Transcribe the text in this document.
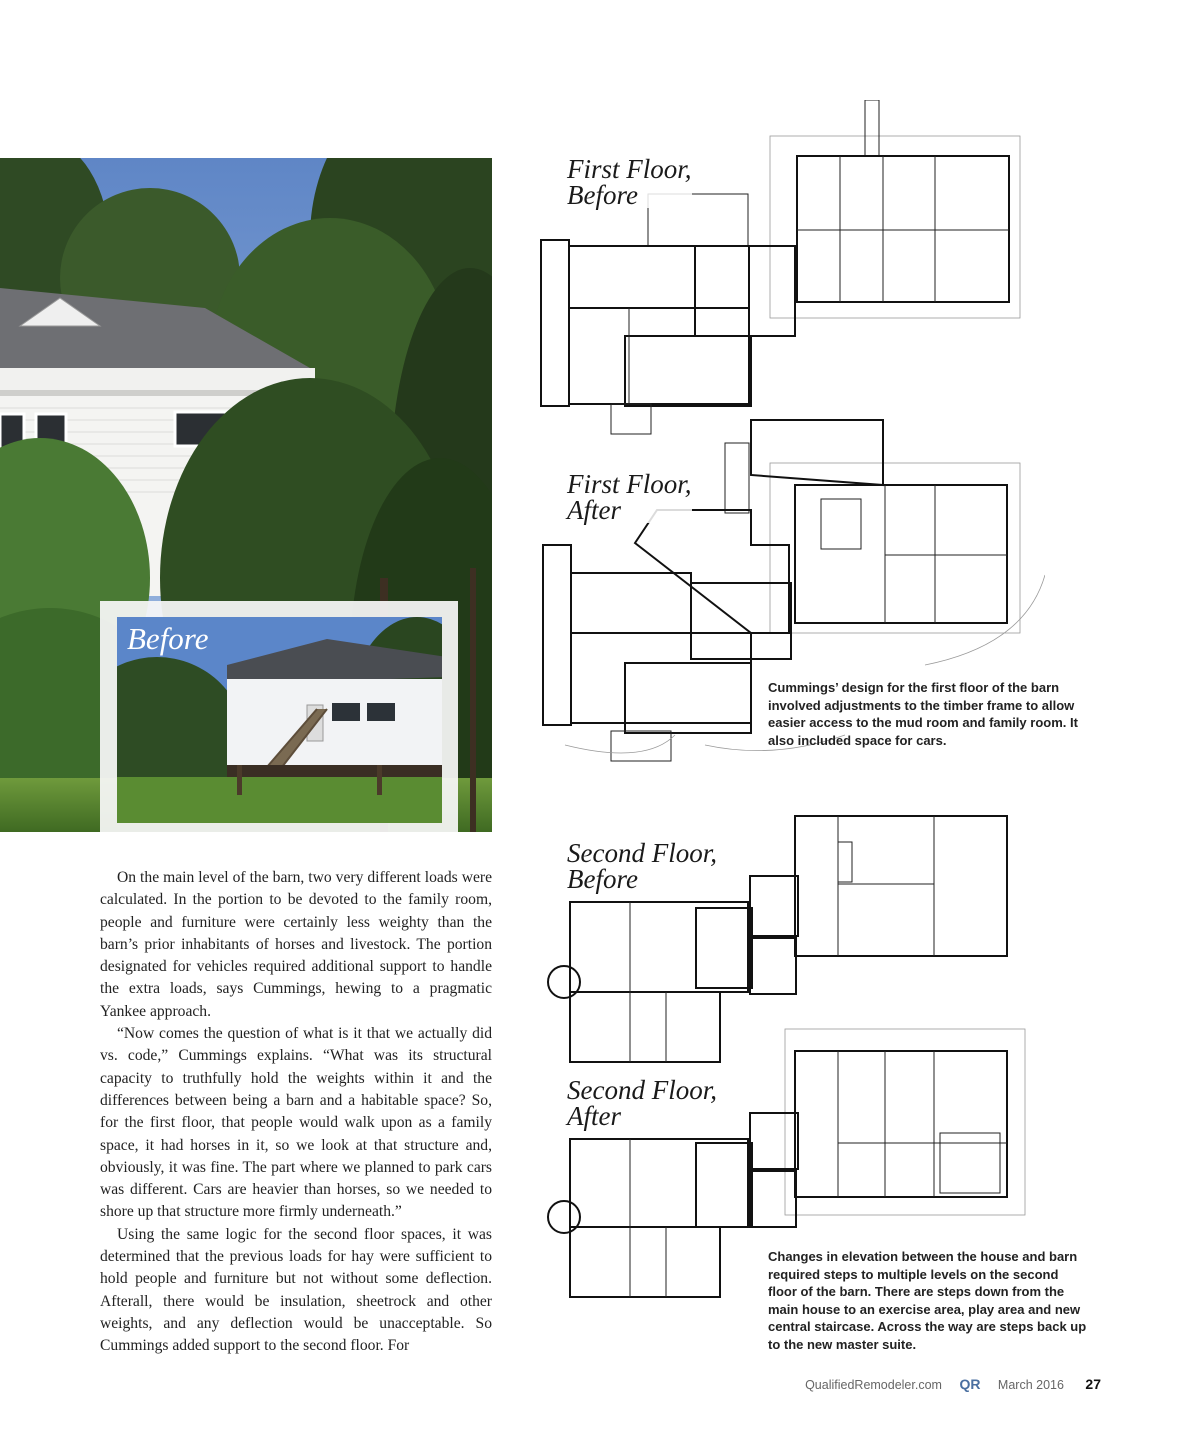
Before
First Floor,
Before
First Floor,
After
Cummings’ design for the first floor of the barn involved adjustments to the timber frame to allow easier access to the mud room and family room. It also included space for cars.
Second Floor,
Before
Second Floor,
After
Changes in elevation between the house and barn required steps to multiple levels on the second floor of the barn. There are steps down from the main house to an exercise area, play area and new central staircase. Across the way are steps back up to the new master suite.

On the main level of the barn, two very different loads were calculated. In the portion to be devoted to the family room, people and furniture were certainly less weighty than the barn’s prior inhabitants of horses and livestock. The portion designated for vehicles required additional support to handle the extra loads, says Cummings, hewing to a pragmatic Yankee approach.

“Now comes the question of what is it that we actually did vs. code,” Cummings explains. “What was its structural capacity to truthfully hold the weights within it and the differences between being a barn and a habitable space? So, for the first floor, that people would walk upon as a family space, it had horses in it, so we look at that structure and, obviously, it was fine. The part where we planned to park cars was different. Cars are heavier than horses, so we needed to shore up that structure more firmly underneath.”

Using the same logic for the second floor spaces, it was determined that the previous loads for hay were sufficient to hold people and furniture but not without some deflection. Afterall, there would be insulation, sheetrock and other weights, and any deflection would be unacceptable. So Cummings added support to the second floor. For

QualifiedRemodeler.com QR March 2016 27
